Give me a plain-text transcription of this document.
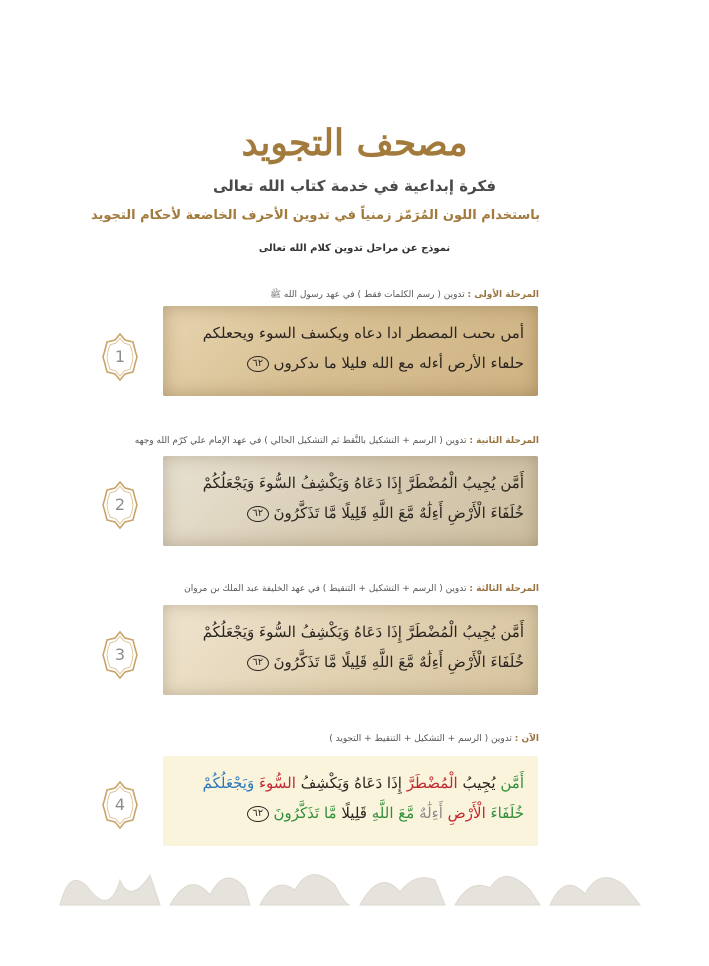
مصحف التجويد

فكرة إبداعية في خدمة كتاب الله تعالى

باستخدام اللون المُرَمّز زمنياً في تدوين الأحرف الخاضعة لأحكام التجويد

نموذج عن مراحل تدوين كلام الله تعالى

المرحلة الأولى : تدوين ( رسم الكلمات فقط ) في عهد رسول الله ﷺ
1
أمں ىحىٮ المصطر ادا دعاه ويكسف السوء ويحعلكم
حلڡاء الأرص أءله مع الله ڡليلا ما ىدكروں ٦٢
المرحلة الثانية : تدوين ( الرسم + التشكيل بالنَّقط ثم التشكيل الحالي ) في عهد الإمام علي كرّم الله وجهه
2
أَمَّن يُجِيبُ الْمُضْطَرَّ إِذَا دَعَاهُ وَيَكْشِفُ السُّوءَ وَيَجْعَلُكُمْ
خُلَفَاءَ الْأَرْضِ أَءِلَٰهٌ مَّعَ اللَّهِ قَلِيلًا مَّا تَذَكَّرُونَ ٦٢
المرحلة الثالثة : تدوين ( الرسم + التشكيل + التنقيط ) في عهد الخليفة عبد الملك بن مروان
3
أَمَّن يُجِيبُ الْمُضْطَرَّ إِذَا دَعَاهُ وَيَكْشِفُ السُّوءَ وَيَجْعَلُكُمْ
خُلَفَاءَ الْأَرْضِ أَءِلَٰهٌ مَّعَ اللَّهِ قَلِيلًا مَّا تَذَكَّرُونَ ٦٢
الآن : تدوين ( الرسم + التشكيل + التنقيط + التجويد )
4
أَمَّن يُجِيبُ الْمُضْطَرَّ إِذَا دَعَاهُ وَيَكْشِفُ السُّوءَ وَيَجْعَلُكُمْ
خُلَفَاءَ الْأَرْضِ أَءِلَٰهٌ مَّعَ اللَّهِ قَلِيلًا مَّا تَذَكَّرُونَ ٦٢
